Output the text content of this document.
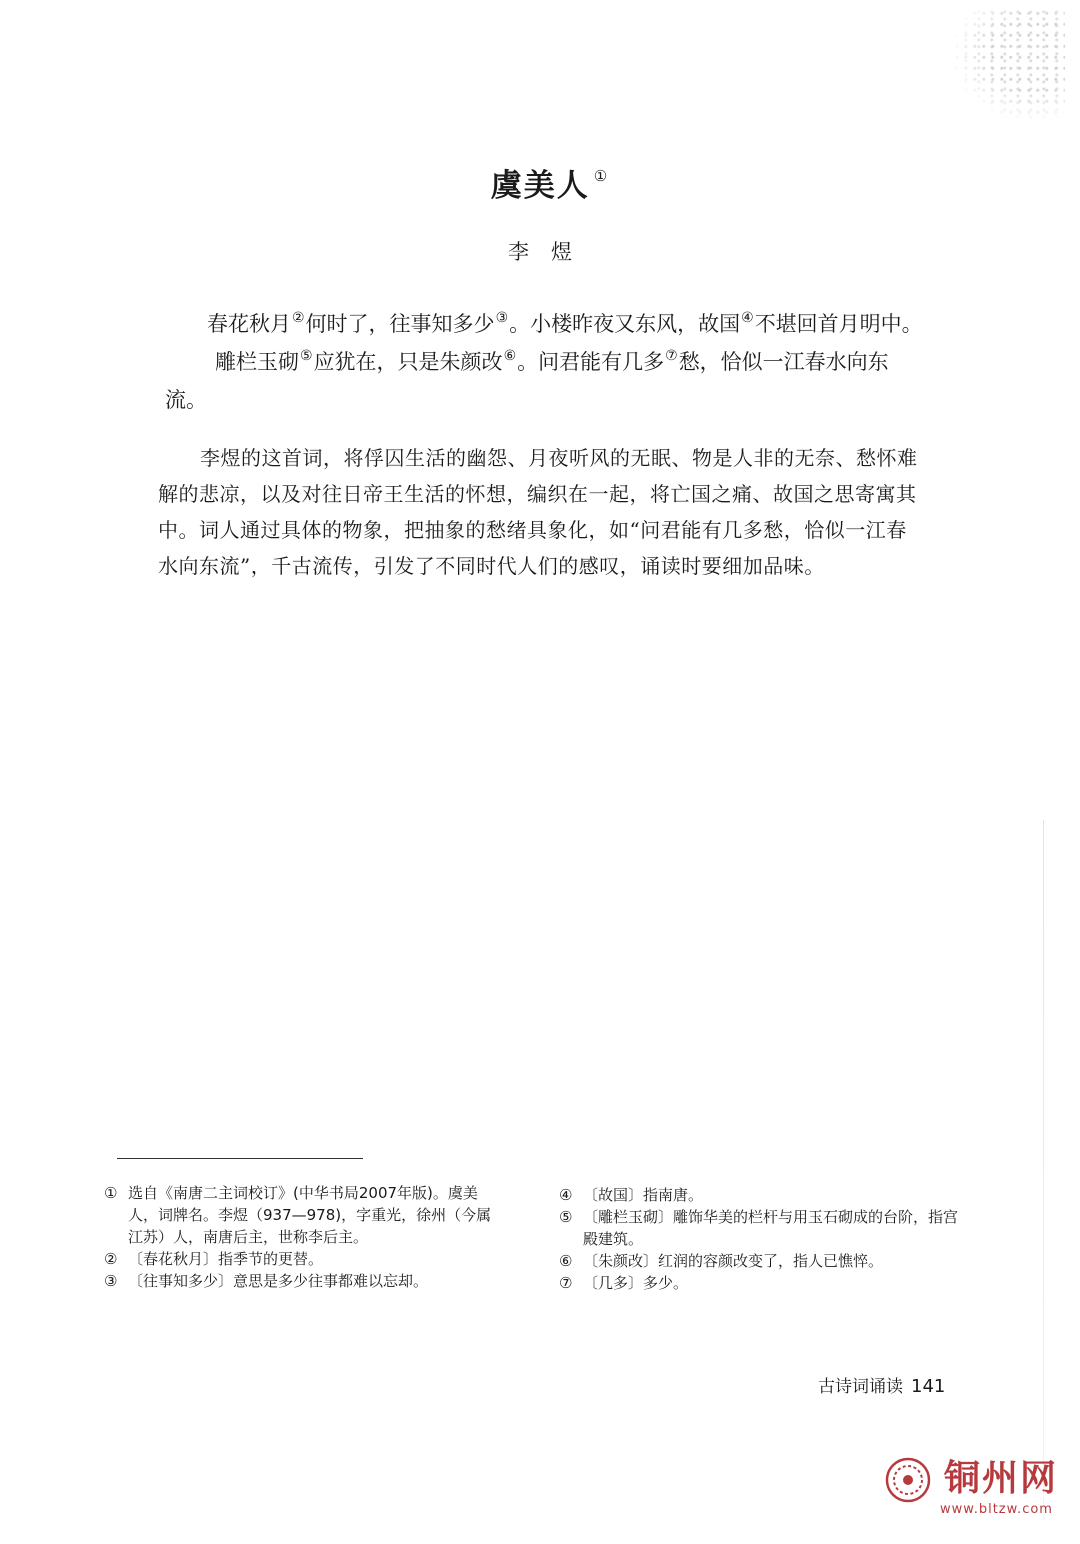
虞美人 ①
李煜

春花秋月②何时了，往事知多少③。小楼昨夜又东风，故国④不堪回首月明中。雕栏玉砌⑤应犹在，只是朱颜改⑥。问君能有几多⑦愁，恰似一江春水向东流。

李煜的这首词，将俘囚生活的幽怨、月夜听风的无眠、物是人非的无奈、愁怀难解的悲凉，以及对往日帝王生活的怀想，编织在一起，将亡国之痛、故国之思寄寓其中。词人通过具体的物象，把抽象的愁绪具象化，如“问君能有几多愁，恰似一江春水向东流”，千古流传，引发了不同时代人们的感叹，诵读时要细加品味。

① 选自《南唐二主词校订》(中华书局2007年版)。虞美人，词牌名。李煜（937—978)，字重光，徐州（今属江苏）人，南唐后主，世称李后主。
② 〔春花秋月〕指季节的更替。
③ 〔往事知多少〕意思是多少往事都难以忘却。
④ 〔故国〕指南唐。
⑤ 〔雕栏玉砌〕雕饰华美的栏杆与用玉石砌成的台阶，指宫殿建筑。
⑥ 〔朱颜改〕红润的容颜改变了，指人已憔悴。
⑦ 〔几多〕多少。
古诗词诵读 141
铜州网
www.bltzw.com
